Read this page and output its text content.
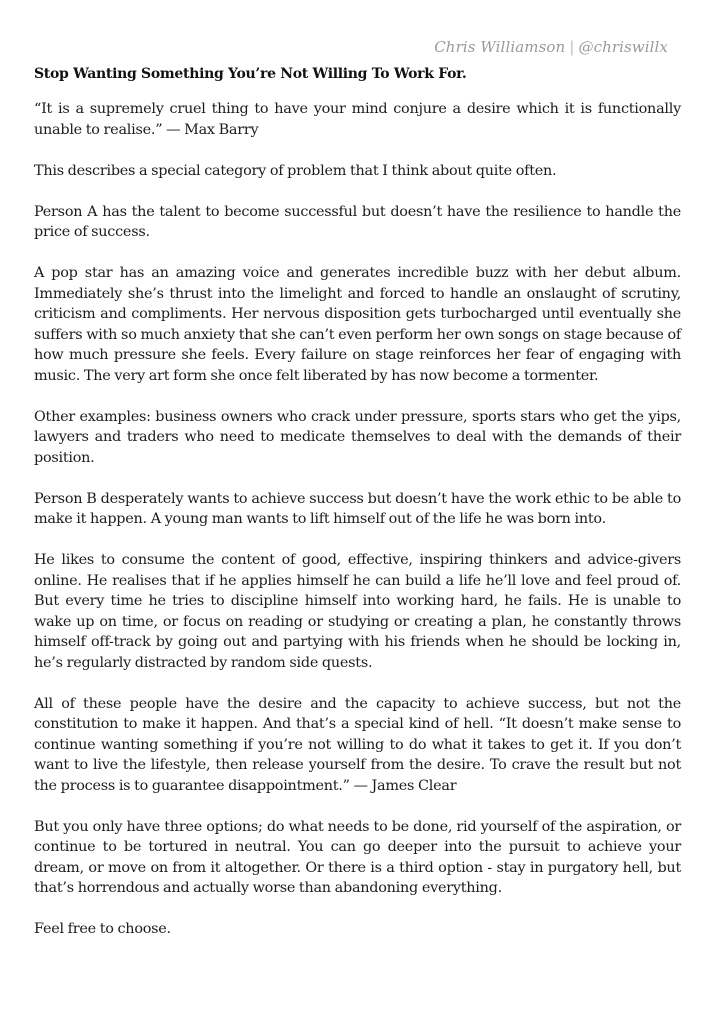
Chris Williamson | @chriswillx
Stop Wanting Something You’re Not Willing To Work For.

“It is a supremely cruel thing to have your mind conjure a desire which it is functionally unable to realise.” — Max Barry

This describes a special category of problem that I think about quite often.

Person A has the talent to become successful but doesn’t have the resilience to handle the price of success.

A pop star has an amazing voice and generates incredible buzz with her debut album. Immediately she’s thrust into the limelight and forced to handle an onslaught of scrutiny, criticism and compliments. Her nervous disposition gets turbocharged until eventually she suffers with so much anxiety that she can’t even perform her own songs on stage because of how much pressure she feels. Every failure on stage reinforces her fear of engaging with music. The very art form she once felt liberated by has now become a tormenter.

Other examples: business owners who crack under pressure, sports stars who get the yips, lawyers and traders who need to medicate themselves to deal with the demands of their position.

Person B desperately wants to achieve success but doesn’t have the work ethic to be able to make it happen. A young man wants to lift himself out of the life he was born into.

He likes to consume the content of good, effective, inspiring thinkers and advice-givers online. He realises that if he applies himself he can build a life he’ll love and feel proud of. But every time he tries to discipline himself into working hard, he fails. He is unable to wake up on time, or focus on reading or studying or creating a plan, he constantly throws himself off-track by going out and partying with his friends when he should be locking in, he’s regularly distracted by random side quests.

All of these people have the desire and the capacity to achieve success, but not the constitution to make it happen. And that’s a special kind of hell. “It doesn’t make sense to continue wanting something if you’re not willing to do what it takes to get it. If you don’t want to live the lifestyle, then release yourself from the desire. To crave the result but not the process is to guarantee disappointment.” — James Clear

But you only have three options; do what needs to be done, rid yourself of the aspiration, or continue to be tortured in neutral. You can go deeper into the pursuit to achieve your dream, or move on from it altogether. Or there is a third option - stay in purgatory hell, but that’s horrendous and actually worse than abandoning everything.

Feel free to choose.
